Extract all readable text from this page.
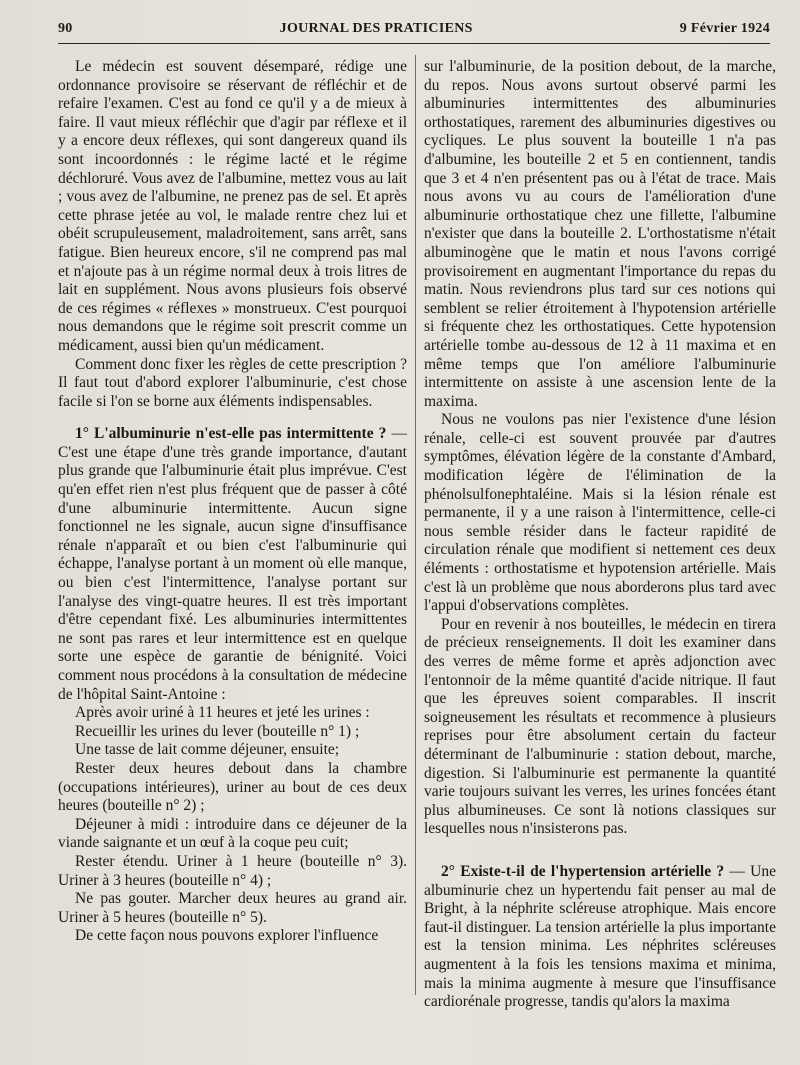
90	JOURNAL DES PRATICIENS	9 Février 1924

Le médecin est souvent désemparé, rédige une ordonnance provisoire se réservant de réfléchir et de refaire l'examen. C'est au fond ce qu'il y a de mieux à faire. Il vaut mieux réfléchir que d'agir par réflexe et il y a encore deux réflexes, qui sont dangereux quand ils sont incoordonnés : le régime lacté et le régime déchloruré. Vous avez de l'albumine, mettez vous au lait ; vous avez de l'albumine, ne prenez pas de sel. Et après cette phrase jetée au vol, le malade rentre chez lui et obéit scrupuleusement, maladroitement, sans arrêt, sans fatigue. Bien heureux encore, s'il ne comprend pas mal et n'ajoute pas à un régime normal deux à trois litres de lait en supplément. Nous avons plusieurs fois observé de ces régimes « réflexes » monstrueux. C'est pourquoi nous demandons que le régime soit prescrit comme un médicament, aussi bien qu'un médicament.

Comment donc fixer les règles de cette prescription ? Il faut tout d'abord explorer l'albuminurie, c'est chose facile si l'on se borne aux éléments indispensables.

1° L'albuminurie n'est-elle pas intermittente ? — C'est une étape d'une très grande importance, d'autant plus grande que l'albuminurie était plus imprévue. C'est qu'en effet rien n'est plus fréquent que de passer à côté d'une albuminurie intermittente. Aucun signe fonctionnel ne les signale, aucun signe d'insuffisance rénale n'apparaît et ou bien c'est l'albuminurie qui échappe, l'analyse portant à un moment où elle manque, ou bien c'est l'intermittence, l'analyse portant sur l'analyse des vingt-quatre heures. Il est très important d'être cependant fixé. Les albuminuries intermittentes ne sont pas rares et leur intermittence est en quelque sorte une espèce de garantie de bénignité. Voici comment nous procédons à la consultation de médecine de l'hôpital Saint-Antoine :

Après avoir uriné à 11 heures et jeté les urines :

Recueillir les urines du lever (bouteille n° 1) ;

Une tasse de lait comme déjeuner, ensuite;

Rester deux heures debout dans la chambre (occupations intérieures), uriner au bout de ces deux heures (bouteille n° 2) ;

Déjeuner à midi : introduire dans ce déjeuner de la viande saignante et un œuf à la coque peu cuit;

Rester étendu. Uriner à 1 heure (bouteille n° 3). Uriner à 3 heures (bouteille n° 4) ;

Ne pas gouter. Marcher deux heures au grand air. Uriner à 5 heures (bouteille n° 5).

De cette façon nous pouvons explorer l'influence

sur l'albuminurie, de la position debout, de la marche, du repos. Nous avons surtout observé parmi les albuminuries intermittentes des albuminuries orthostatiques, rarement des albuminuries digestives ou cycliques. Le plus souvent la bouteille 1 n'a pas d'albumine, les bouteille 2 et 5 en contiennent, tandis que 3 et 4 n'en présentent pas ou à l'état de trace. Mais nous avons vu au cours de l'amélioration d'une albuminurie orthostatique chez une fillette, l'albumine n'exister que dans la bouteille 2. L'orthostatisme n'était albuminogène que le matin et nous l'avons corrigé provisoirement en augmentant l'importance du repas du matin. Nous reviendrons plus tard sur ces notions qui semblent se relier étroitement à l'hypotension artérielle si fréquente chez les orthostatiques. Cette hypotension artérielle tombe au-dessous de 12 à 11 maxima et en même temps que l'on améliore l'albuminurie intermittente on assiste à une ascension lente de la maxima.

Nous ne voulons pas nier l'existence d'une lésion rénale, celle-ci est souvent prouvée par d'autres symptômes, élévation légère de la constante d'Ambard, modification légère de l'élimination de la phénolsulfonephtaléine. Mais si la lésion rénale est permanente, il y a une raison à l'intermittence, celle-ci nous semble résider dans le facteur rapidité de circulation rénale que modifient si nettement ces deux éléments : orthostatisme et hypotension artérielle. Mais c'est là un problème que nous aborderons plus tard avec l'appui d'observations complètes.

Pour en revenir à nos bouteilles, le médecin en tirera de précieux renseignements. Il doit les examiner dans des verres de même forme et après adjonction avec l'entonnoir de la même quantité d'acide nitrique. Il faut que les épreuves soient comparables. Il inscrit soigneusement les résultats et recommence à plusieurs reprises pour être absolument certain du facteur déterminant de l'albuminurie : station debout, marche, digestion. Si l'albuminurie est permanente la quantité varie toujours suivant les verres, les urines foncées étant plus albumineuses. Ce sont là notions classiques sur lesquelles nous n'insisterons pas.

2° Existe-t-il de l'hypertension artérielle ? — Une albuminurie chez un hypertendu fait penser au mal de Bright, à la néphrite scléreuse atrophique. Mais encore faut-il distinguer. La tension artérielle la plus importante est la tension minima. Les néphrites scléreuses augmentent à la fois les tensions maxima et minima, mais la minima augmente à mesure que l'insuffisance cardiorénale progresse, tandis qu'alors la maxima
